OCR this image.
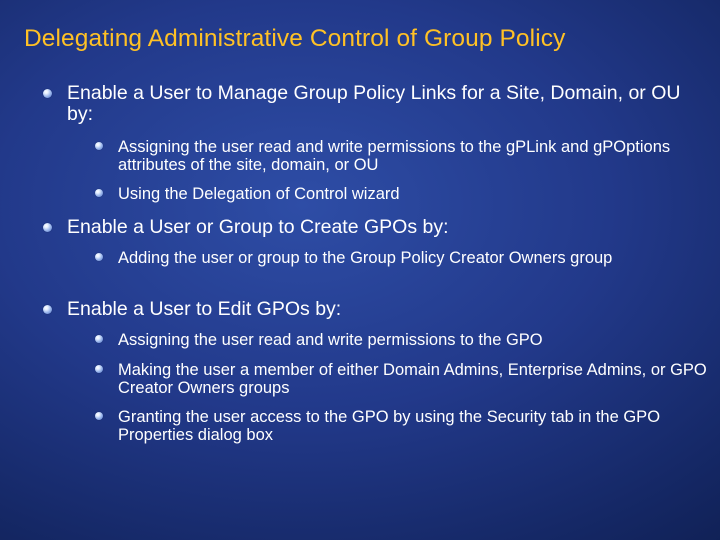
Delegating Administrative Control of Group Policy
Enable a User to Manage Group Policy Links for a Site, Domain, or OU by:
Assigning the user read and write permissions to the gPLink and gPOptions attributes of the site, domain, or OU
Using the Delegation of Control wizard
Enable a User or Group to Create GPOs by:
Adding the user or group to the Group Policy Creator Owners group
Enable a User to Edit GPOs by:
Assigning the user read and write permissions to the GPO
Making the user a member of either Domain Admins, Enterprise Admins, or GPO Creator Owners groups
Granting the user access to the GPO by using the Security tab in the GPO Properties dialog box
